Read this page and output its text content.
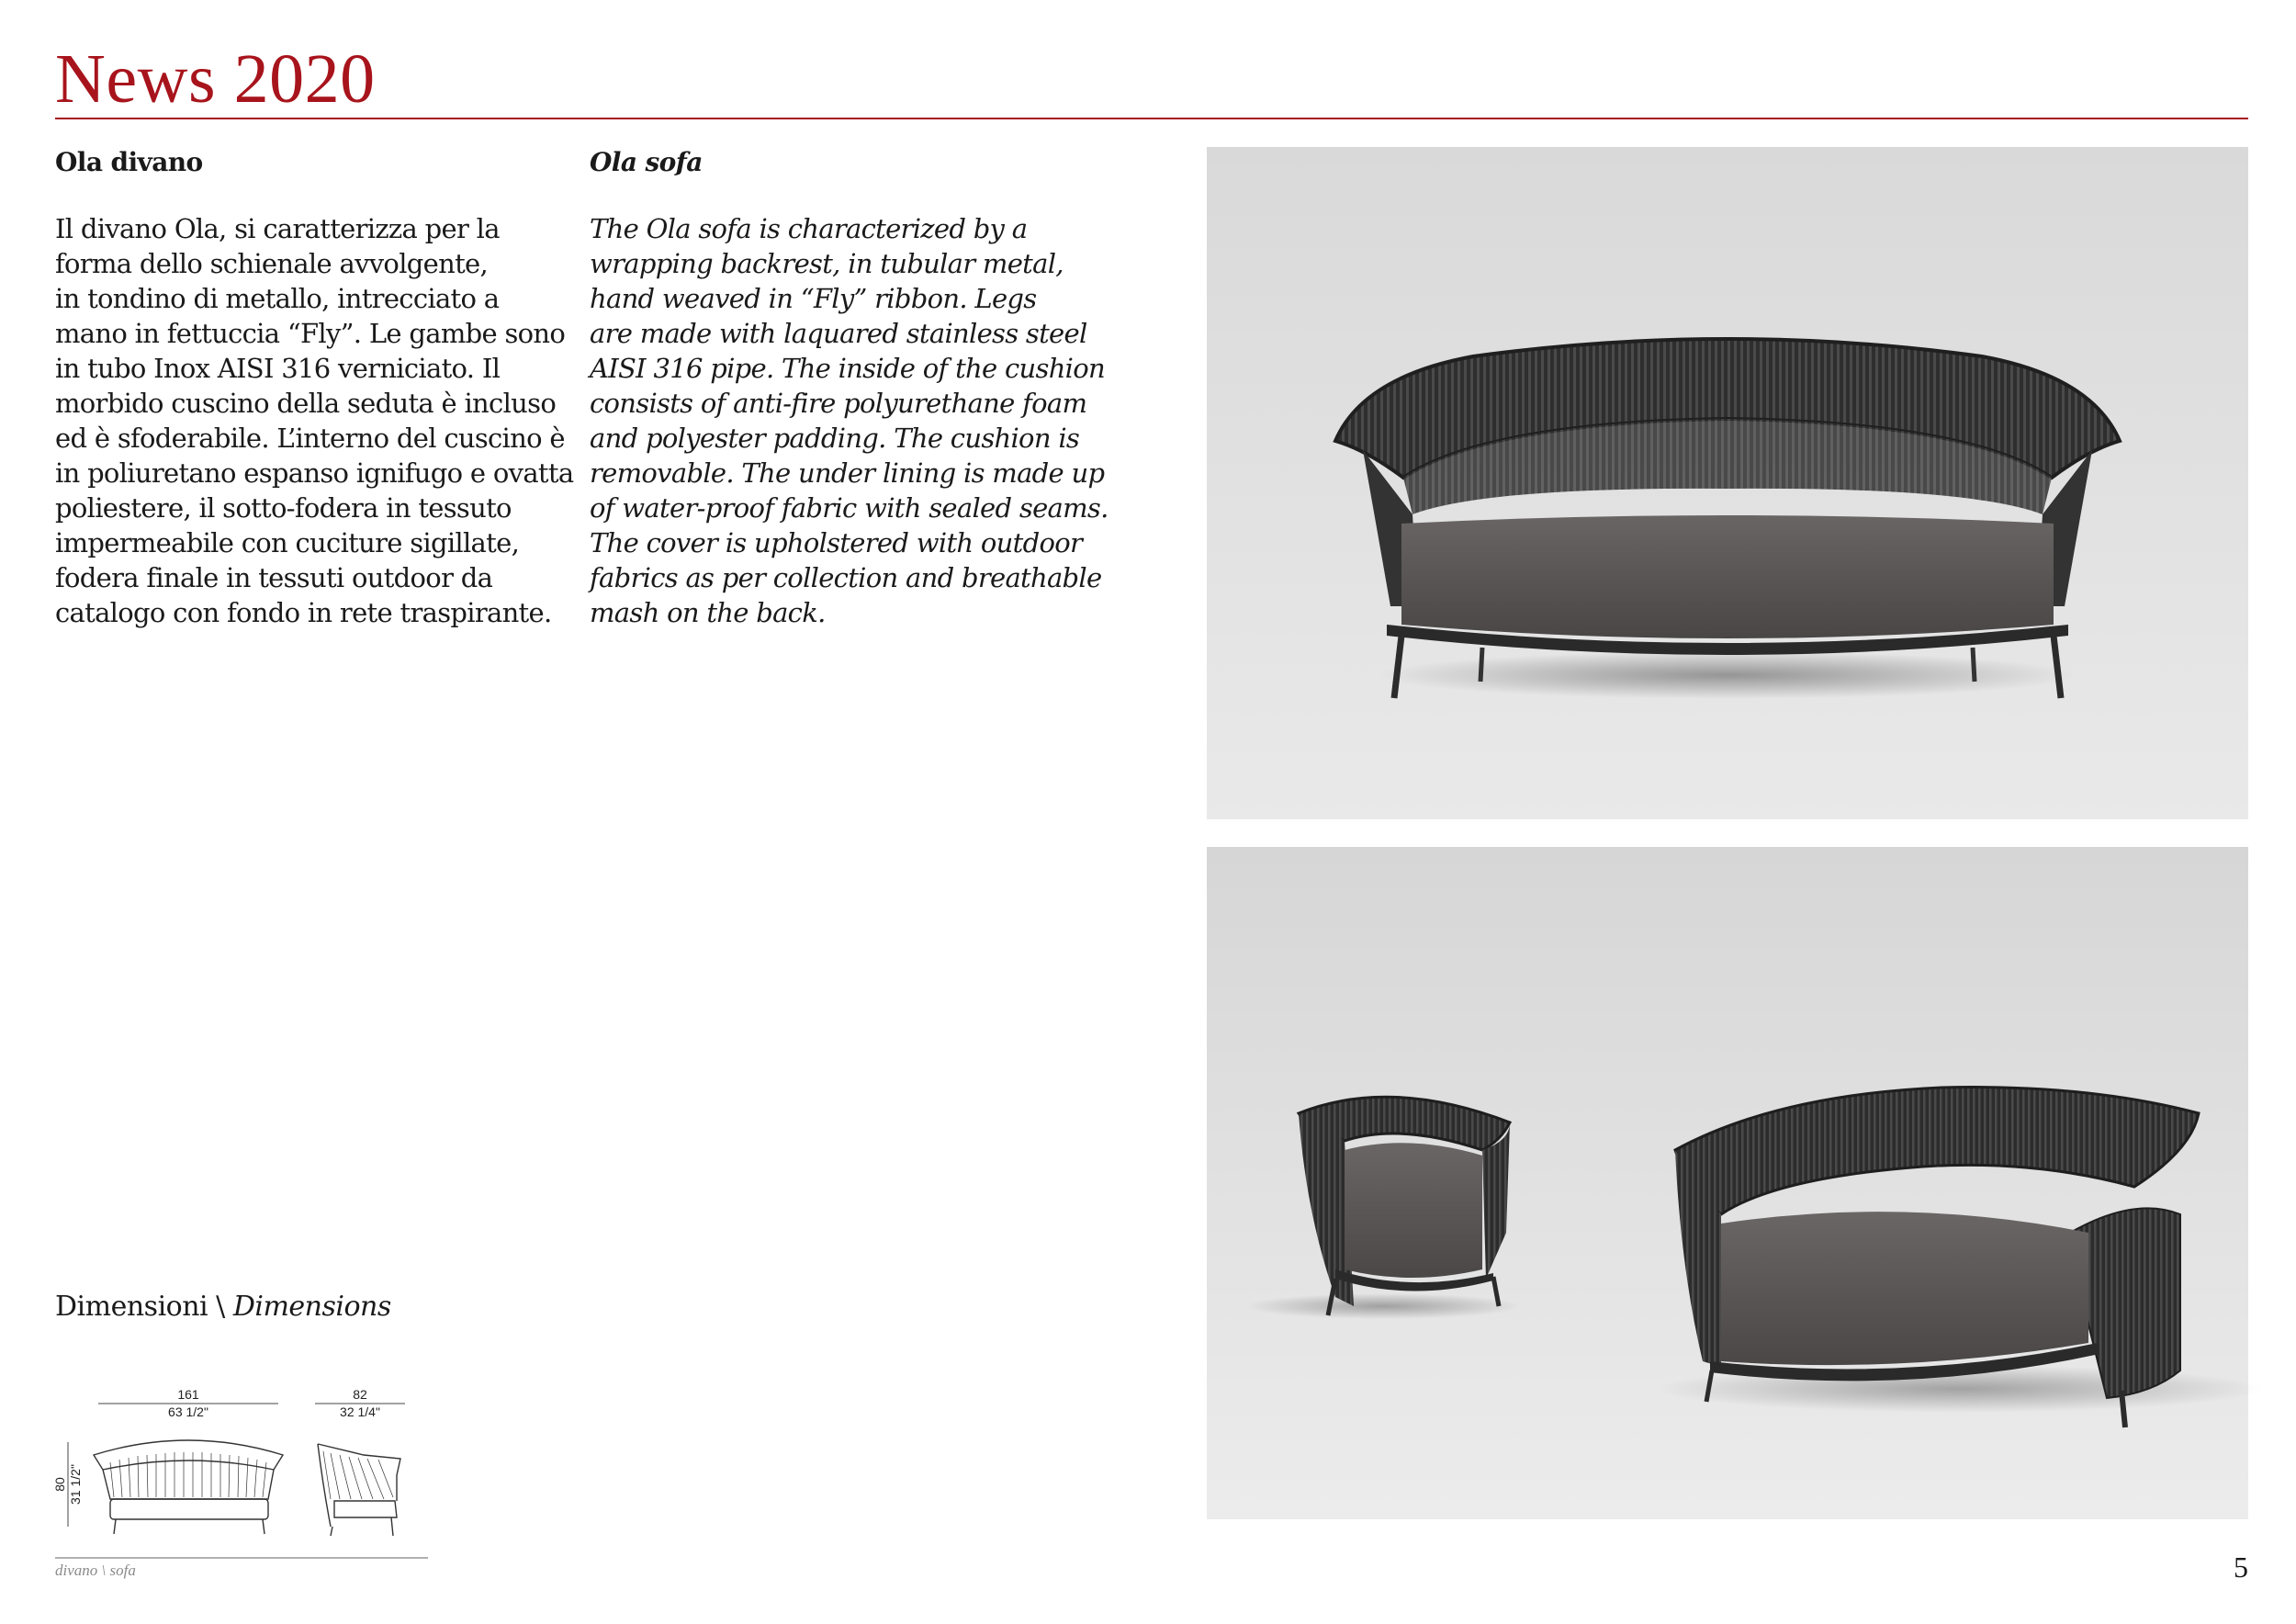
News 2020
Ola divano
Il divano Ola, si caratterizza per la
forma dello schienale avvolgente,
in tondino di metallo, intrecciato a
mano in fettuccia “Fly”. Le gambe sono
in tubo Inox AISI 316 verniciato. Il
morbido cuscino della seduta è incluso
ed è sfoderabile. L’interno del cuscino è
in poliuretano espanso ignifugo e ovatta
poliestere, il sotto-fodera in tessuto
impermeabile con cuciture sigillate,
fodera finale in tessuti outdoor da
catalogo con fondo in rete traspirante.
Ola sofa
The Ola sofa is characterized by a
wrapping backrest, in tubular metal,
hand weaved in “Fly” ribbon. Legs
are made with laquared stainless steel
AISI 316 pipe. The inside of the cushion
consists of anti-fire polyurethane foam
and polyester padding. The cushion is
removable. The under lining is made up
of water-proof fabric with sealed seams.
The cover is upholstered with outdoor
fabrics as per collection and breathable
mash on the back.
Dimensioni \ Dimensions
161
63 1/2"
82
32 1/4"
80 31 1/2"
divano \ sofa	5
